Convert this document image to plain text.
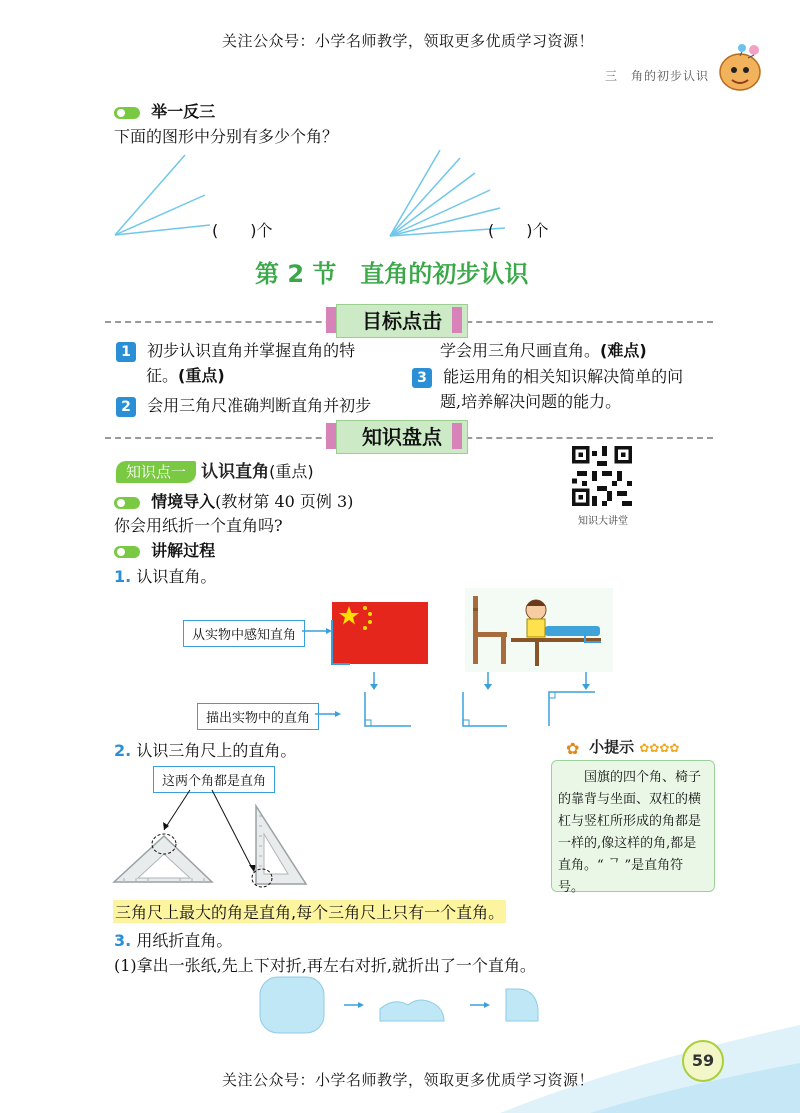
关注公众号：小学名师教学，领取更多优质学习资源！
三　角的初步认识
举一反三
下面的图形中分别有多少个角？
(　　)个	(　　)个
第 2 节　直角的初步认识
目标点击
1 初步认识直角并掌握直角的特
征。(重点)
2 会用三角尺准确判断直角并初步
学会用三角尺画直角。(难点)
3 能运用角的相关知识解决简单的问
题,培养解决问题的能力。
知识盘点
知识点一 认识直角(重点)
知识大讲堂
情境导入(教材第 40 页例 3)
你会用纸折一个直角吗?
讲解过程
1. 认识直角。
从实物中感知直角
描出实物中的直角
2. 认识三角尺上的直角。
这两个角都是直角
✿ 小提示 ✿✿✿✿
国旗的四个角、椅子的靠背与坐面、双杠的横杠与竖杠所形成的角都是一样的,像这样的角,都是直角。“ ᄀ ”是直角符号。
三角尺上最大的角是直角,每个三角尺上只有一个直角。
3. 用纸折直角。
(1)拿出一张纸,先上下对折,再左右对折,就折出了一个直角。
59
关注公众号：小学名师教学，领取更多优质学习资源！
